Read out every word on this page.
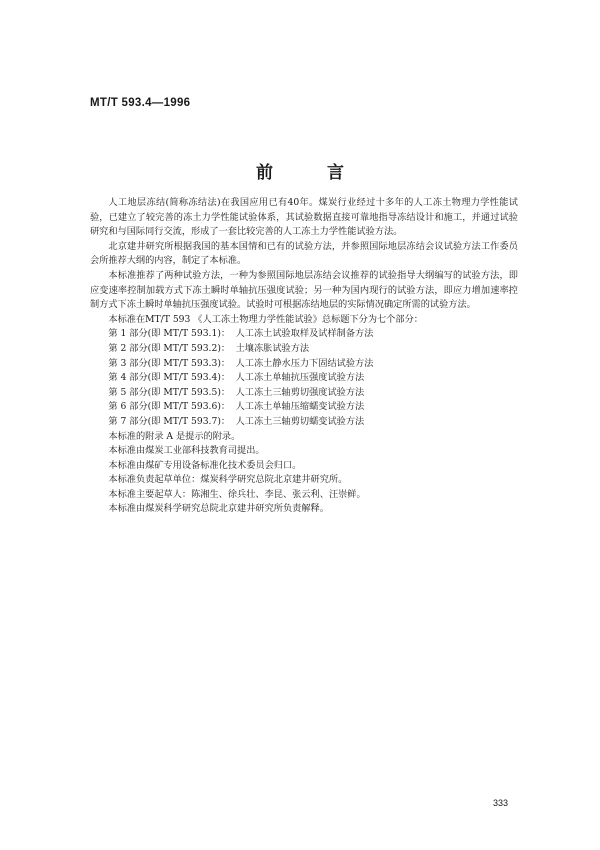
MT/T 593.4—1996
前 言

人工地层冻结(简称冻结法)在我国应用已有40年。煤炭行业经过十多年的人工冻土物理力学性能试验，已建立了较完善的冻土力学性能试验体系，其试验数据直接可靠地指导冻结设计和施工，并通过试验研究和与国际同行交流，形成了一套比较完善的人工冻土力学性能试验方法。

北京建井研究所根据我国的基本国情和已有的试验方法，并参照国际地层冻结会议试验方法工作委员会所推荐大纲的内容，制定了本标准。

本标准推荐了两种试验方法，一种为参照国际地层冻结会议推荐的试验指导大纲编写的试验方法，即应变速率控制加载方式下冻土瞬时单轴抗压强度试验；另一种为国内现行的试验方法，即应力增加速率控制方式下冻土瞬时单轴抗压强度试验。试验时可根据冻结地层的实际情况确定所需的试验方法。

本标准在MT/T 593 《人工冻土物理力学性能试验》总标题下分为七个部分：

第 1 部分(即 MT/T 593.1)： 人工冻土试验取样及试样制备方法
第 2 部分(即 MT/T 593.2)： 土壤冻胀试验方法
第 3 部分(即 MT/T 593.3)： 人工冻土静水压力下固结试验方法
第 4 部分(即 MT/T 593.4)： 人工冻土单轴抗压强度试验方法
第 5 部分(即 MT/T 593.5)： 人工冻土三轴剪切强度试验方法
第 6 部分(即 MT/T 593.6)： 人工冻土单轴压缩蠕变试验方法
第 7 部分(即 MT/T 593.7)： 人工冻土三轴剪切蠕变试验方法

本标准的附录 A 是提示的附录。

本标准由煤炭工业部科技教育司提出。

本标准由煤矿专用设备标准化技术委员会归口。

本标准负责起草单位：煤炭科学研究总院北京建井研究所。

本标准主要起草人：陈湘生、徐兵壮、李昆、张云利、汪崇鲜。

本标准由煤炭科学研究总院北京建井研究所负责解释。

333
